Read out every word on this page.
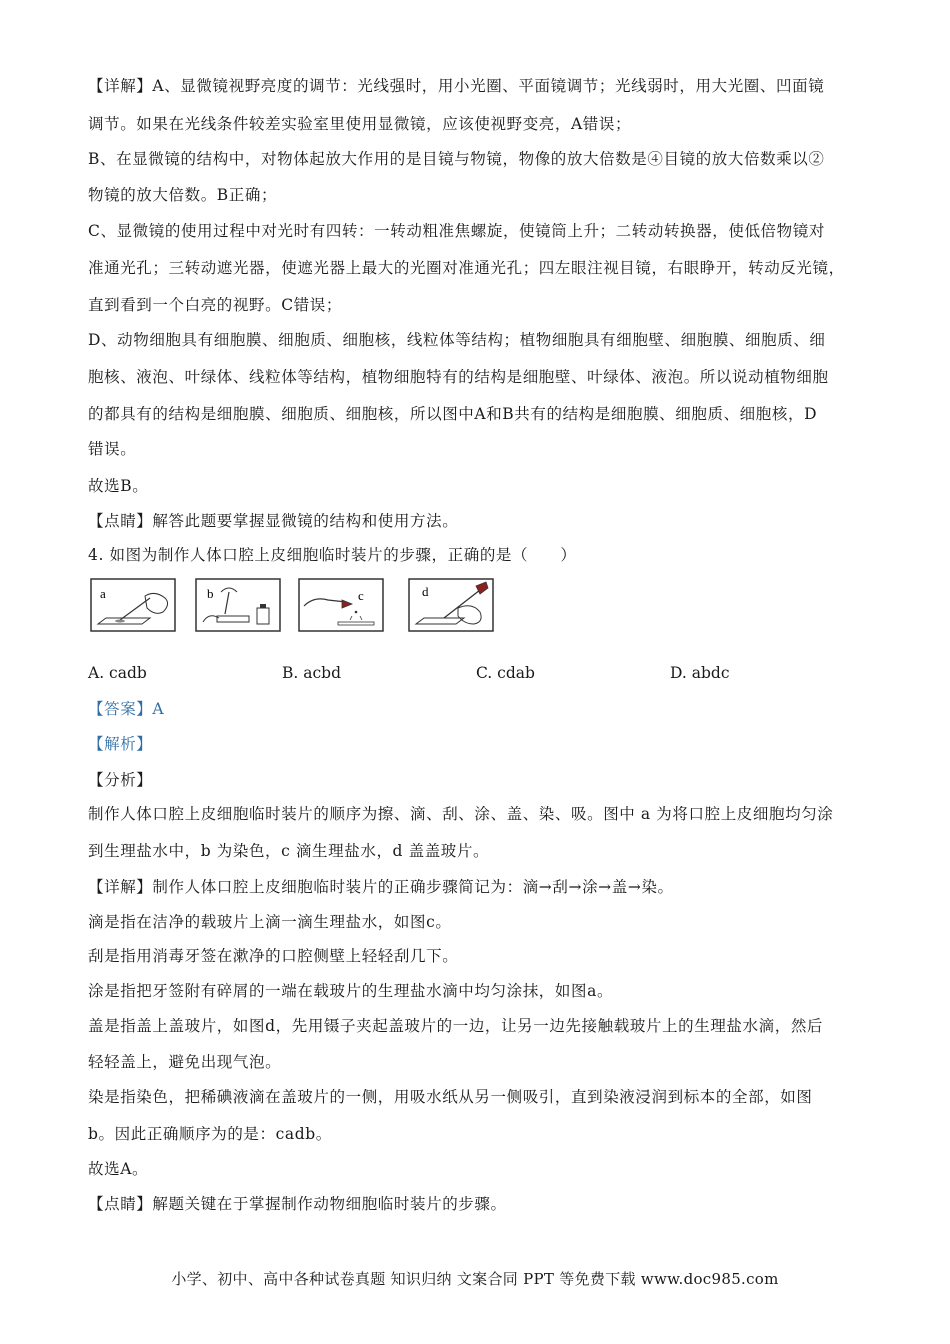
【详解】A、显微镜视野亮度的调节：光线强时，用小光圈、平面镜调节；光线弱时，用大光圈、凹面镜
调节。如果在光线条件较差实验室里使用显微镜，应该使视野变亮，A错误；
B、在显微镜的结构中，对物体起放大作用的是目镜与物镜，物像的放大倍数是④目镜的放大倍数乘以②
物镜的放大倍数。B正确；
C、显微镜的使用过程中对光时有四转：一转动粗准焦螺旋，使镜筒上升；二转动转换器，使低倍物镜对
准通光孔；三转动遮光器，使遮光器上最大的光圈对准通光孔；四左眼注视目镜，右眼睁开，转动反光镜，
直到看到一个白亮的视野。C错误；
D、动物细胞具有细胞膜、细胞质、细胞核，线粒体等结构；植物细胞具有细胞壁、细胞膜、细胞质、细
胞核、液泡、叶绿体、线粒体等结构，植物细胞特有的结构是细胞壁、叶绿体、液泡。所以说动植物细胞
的都具有的结构是细胞膜、细胞质、细胞核，所以图中A和B共有的结构是细胞膜、细胞质、细胞核，D
错误。
故选B。
【点睛】解答此题要掌握显微镜的结构和使用方法。
4. 如图为制作人体口腔上皮细胞临时装片的步骤，正确的是（　　）
a	b	c	d
A. cadb	B. acbd	C. cdab	D. abdc
【答案】A
【解析】
【分析】
制作人体口腔上皮细胞临时装片的顺序为擦、滴、刮、涂、盖、染、吸。图中 a 为将口腔上皮细胞均匀涂
到生理盐水中，b 为染色，c 滴生理盐水，d 盖盖玻片。
【详解】制作人体口腔上皮细胞临时装片的正确步骤简记为：滴→刮→涂→盖→染。
滴是指在洁净的载玻片上滴一滴生理盐水，如图c。
刮是指用消毒牙签在漱净的口腔侧壁上轻轻刮几下。
涂是指把牙签附有碎屑的一端在载玻片的生理盐水滴中均匀涂抹，如图a。
盖是指盖上盖玻片，如图d，先用镊子夹起盖玻片的一边，让另一边先接触载玻片上的生理盐水滴，然后
轻轻盖上，避免出现气泡。
染是指染色，把稀碘液滴在盖玻片的一侧，用吸水纸从另一侧吸引，直到染液浸润到标本的全部，如图
b。因此正确顺序为的是：cadb。
故选A。
【点睛】解题关键在于掌握制作动物细胞临时装片的步骤。
小学、初中、高中各种试卷真题 知识归纳 文案合同 PPT 等免费下载 www.doc985.com
